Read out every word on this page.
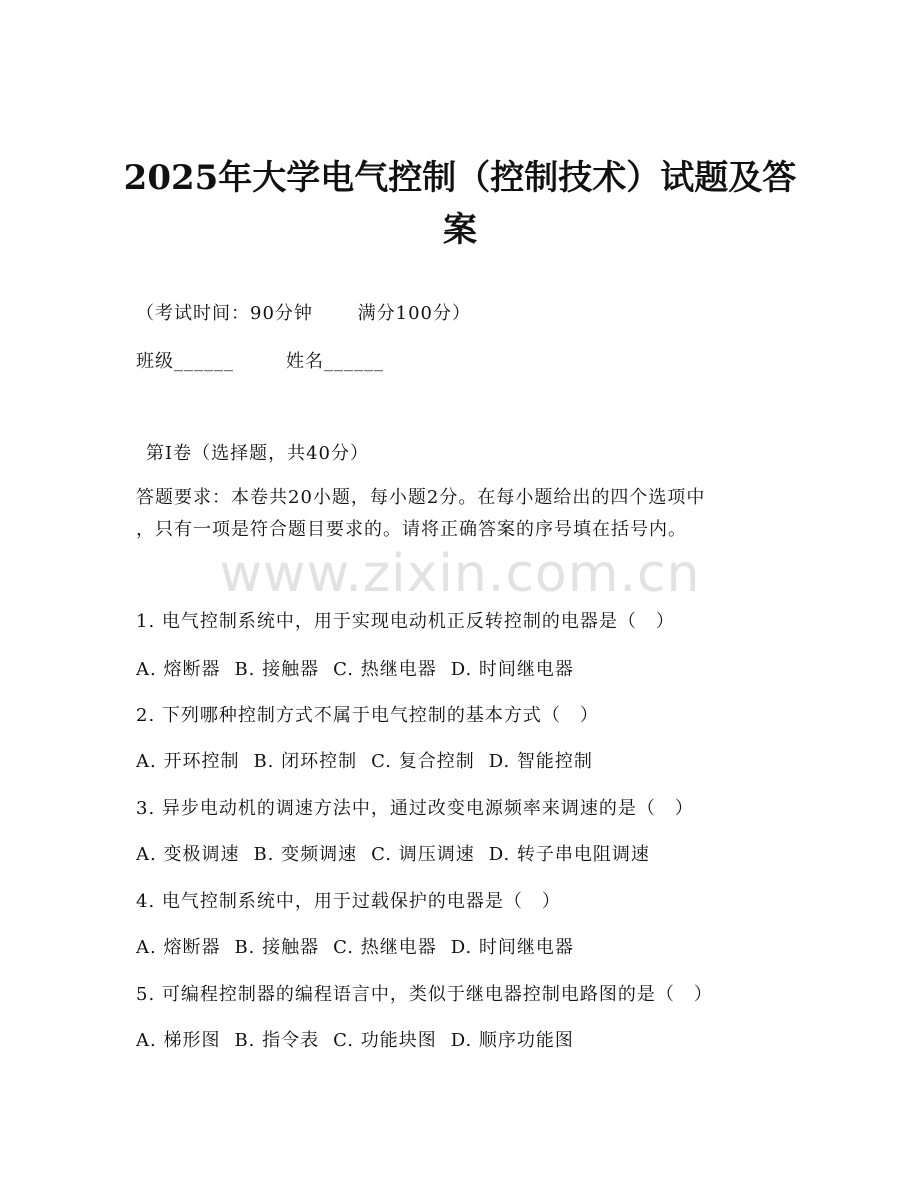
2025年大学电气控制（控制技术）试题及答
案
（考试时间：90分钟　　 满分100分）
班级______	姓名______
第I卷（选择题，共40分）
答题要求：本卷共20小题，每小题2分。在每小题给出的四个选项中
，只有一项是符合题目要求的。请将正确答案的序号填在括号内。
www.zixin.com.cn
1. 电气控制系统中，用于实现电动机正反转控制的电器是（　）
A. 熔断器 B. 接触器 C. 热继电器 D. 时间继电器
2. 下列哪种控制方式不属于电气控制的基本方式（　）
A. 开环控制 B. 闭环控制 C. 复合控制 D. 智能控制
3. 异步电动机的调速方法中，通过改变电源频率来调速的是（　）
A. 变极调速 B. 变频调速 C. 调压调速 D. 转子串电阻调速
4. 电气控制系统中，用于过载保护的电器是（　）
A. 熔断器 B. 接触器 C. 热继电器 D. 时间继电器
5. 可编程控制器的编程语言中，类似于继电器控制电路图的是（　）
A. 梯形图 B. 指令表 C. 功能块图 D. 顺序功能图
